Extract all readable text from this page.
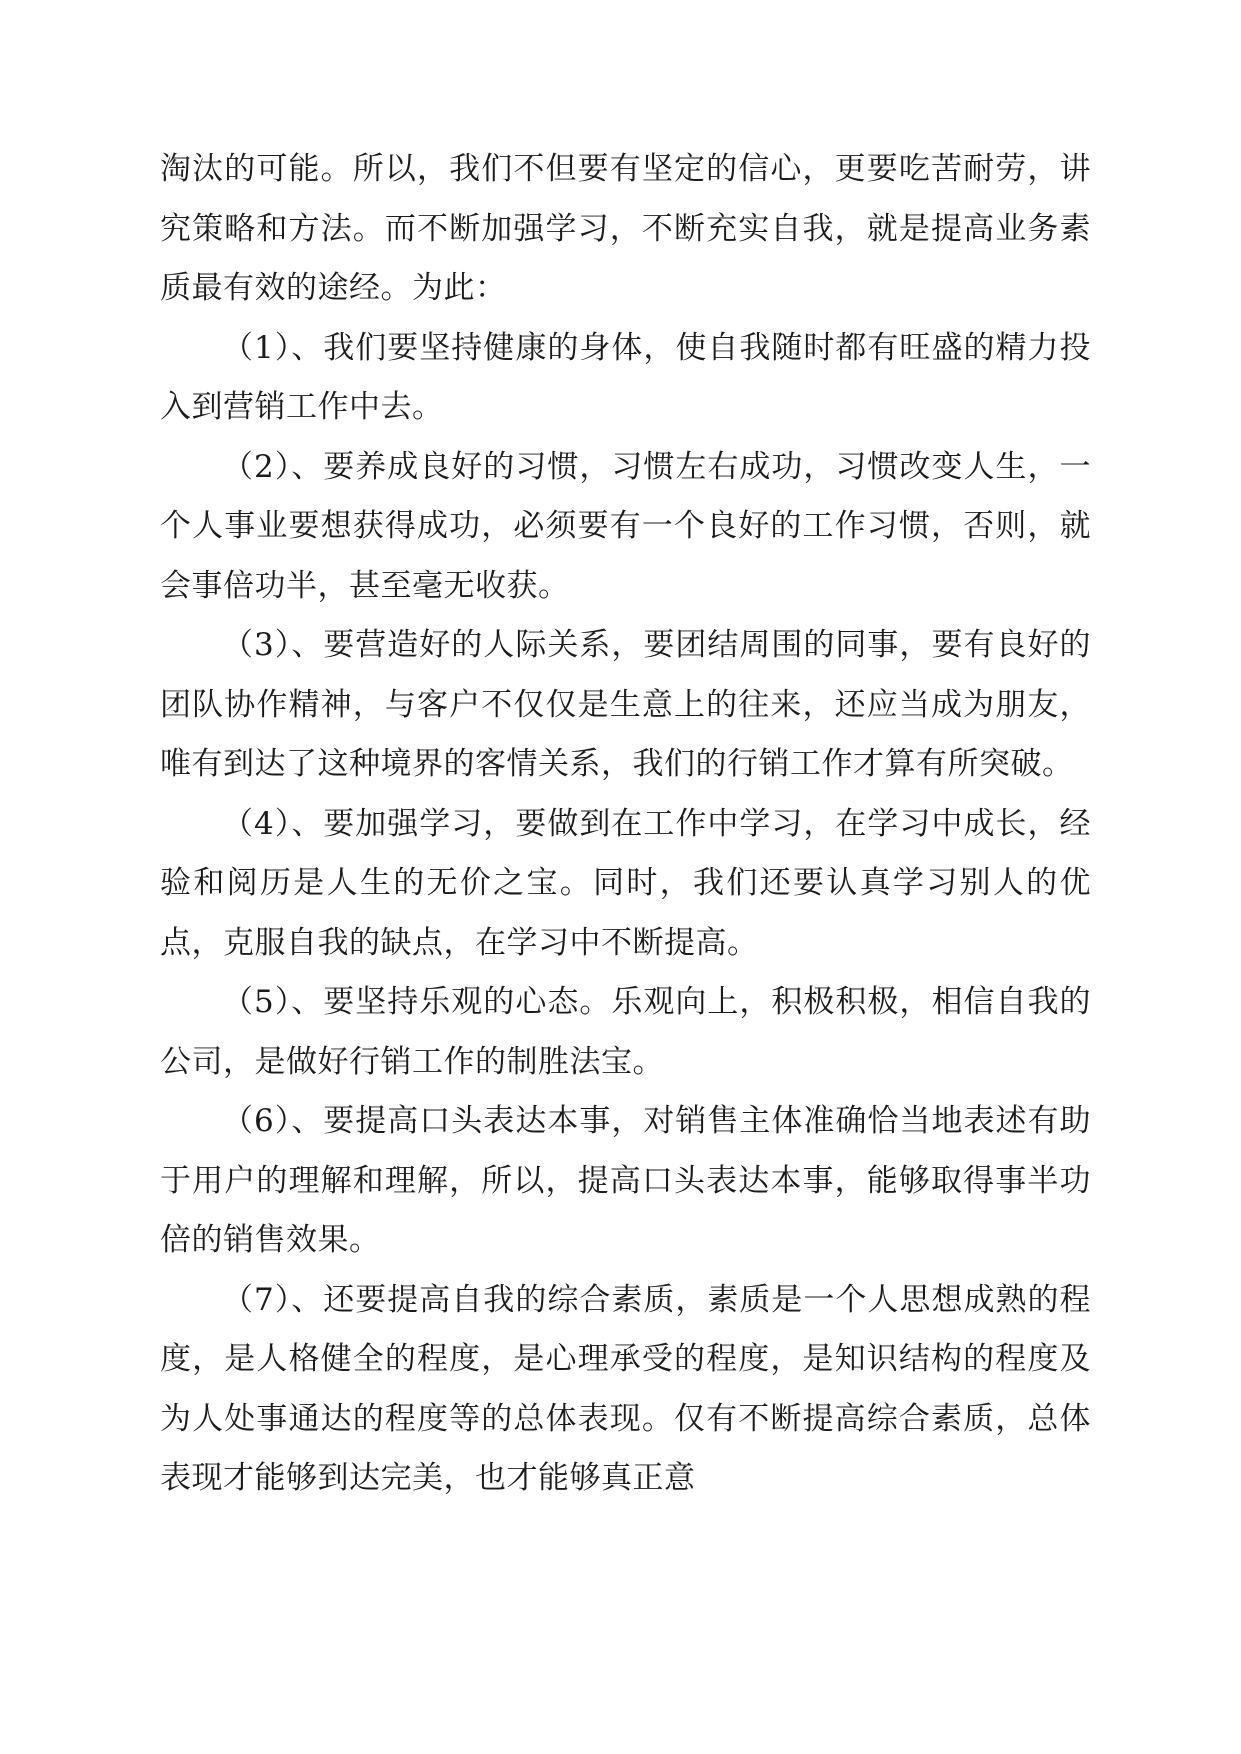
淘汰的可能。所以，我们不但要有坚定的信心，更要吃苦耐劳，讲究策略和方法。而不断加强学习，不断充实自我，就是提高业务素质最有效的途经。为此：

（1）、我们要坚持健康的身体，使自我随时都有旺盛的精力投入到营销工作中去。

（2）、要养成良好的习惯，习惯左右成功，习惯改变人生，一个人事业要想获得成功，必须要有一个良好的工作习惯，否则，就会事倍功半，甚至毫无收获。

（3）、要营造好的人际关系，要团结周围的同事，要有良好的团队协作精神，与客户不仅仅是生意上的往来，还应当成为朋友，唯有到达了这种境界的客情关系，我们的行销工作才算有所突破。

（4）、要加强学习，要做到在工作中学习，在学习中成长，经验和阅历是人生的无价之宝。同时，我们还要认真学习别人的优点，克服自我的缺点，在学习中不断提高。

（5）、要坚持乐观的心态。乐观向上，积极积极，相信自我的公司，是做好行销工作的制胜法宝。

（6）、要提高口头表达本事，对销售主体准确恰当地表述有助于用户的理解和理解，所以，提高口头表达本事，能够取得事半功倍的销售效果。

（7）、还要提高自我的综合素质，素质是一个人思想成熟的程度，是人格健全的程度，是心理承受的程度，是知识结构的程度及为人处事通达的程度等的总体表现。仅有不断提高综合素质，总体表现才能够到达完美，也才能够真正意
